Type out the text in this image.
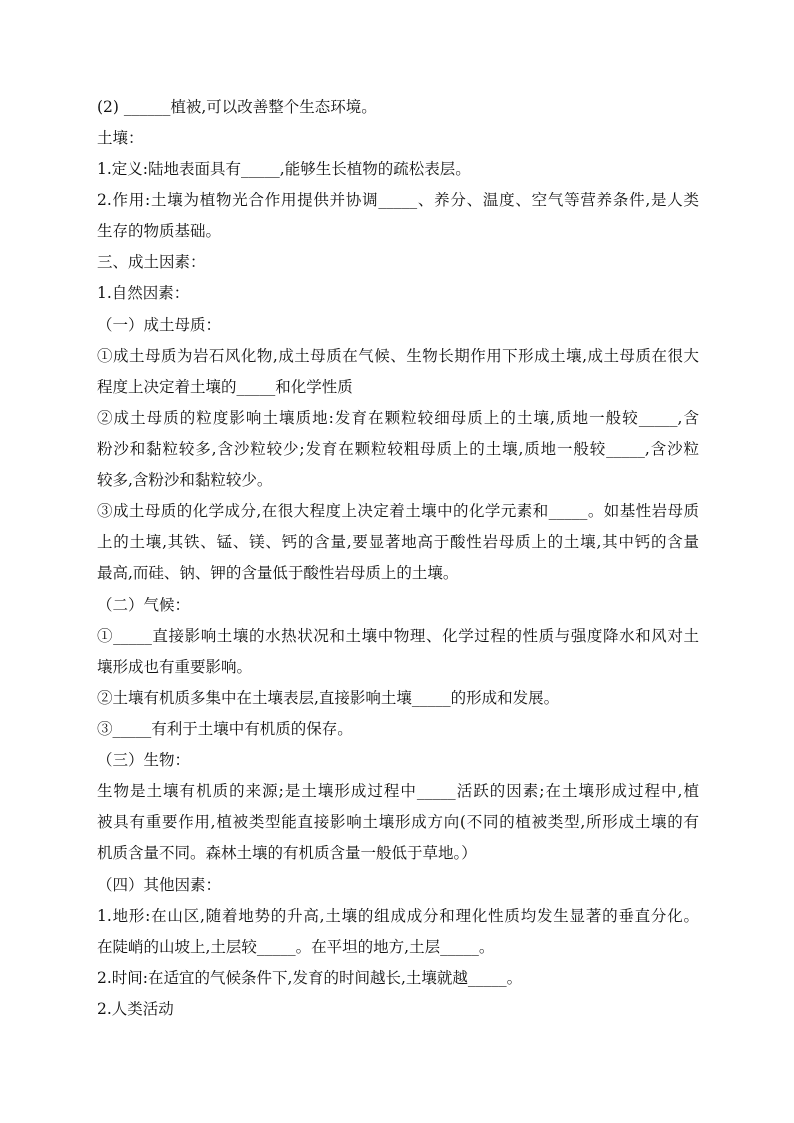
(2) ______植被,可以改善整个生态环境。
土壤：
1.定义:陆地表面具有_____,能够生长植物的疏松表层。
2.作用:土壤为植物光合作用提供并协调_____、养分、温度、空气等营养条件,是人类
生存的物质基础。
三、成土因素：
1.自然因素：
（一）成土母质：
①成土母质为岩石风化物,成土母质在气候、生物长期作用下形成土壤,成土母质在很大
程度上决定着土壤的_____和化学性质
②成土母质的粒度影响土壤质地:发育在颗粒较细母质上的土壤,质地一般较_____,含
粉沙和黏粒较多,含沙粒较少;发育在颗粒较粗母质上的土壤,质地一般较_____,含沙粒
较多,含粉沙和黏粒较少。
③成土母质的化学成分,在很大程度上决定着土壤中的化学元素和_____。如基性岩母质
上的土壤,其铁、锰、镁、钙的含量,要显著地高于酸性岩母质上的土壤,其中钙的含量
最高,而硅、钠、钾的含量低于酸性岩母质上的土壤。
（二）气候：
①_____直接影响土壤的水热状况和土壤中物理、化学过程的性质与强度降水和风对土
壤形成也有重要影响。
②土壤有机质多集中在土壤表层,直接影响土壤_____的形成和发展。
③_____有利于土壤中有机质的保存。
（三）生物：
生物是土壤有机质的来源;是土壤形成过程中_____活跃的因素;在土壤形成过程中,植
被具有重要作用,植被类型能直接影响土壤形成方向(不同的植被类型,所形成土壤的有
机质含量不同。森林土壤的有机质含量一般低于草地。）
（四）其他因素：
1.地形:在山区,随着地势的升高,土壤的组成成分和理化性质均发生显著的垂直分化。
在陡峭的山坡上,土层较_____。在平坦的地方,土层_____。
2.时间:在适宜的气候条件下,发育的时间越长,土壤就越_____。
2.人类活动
